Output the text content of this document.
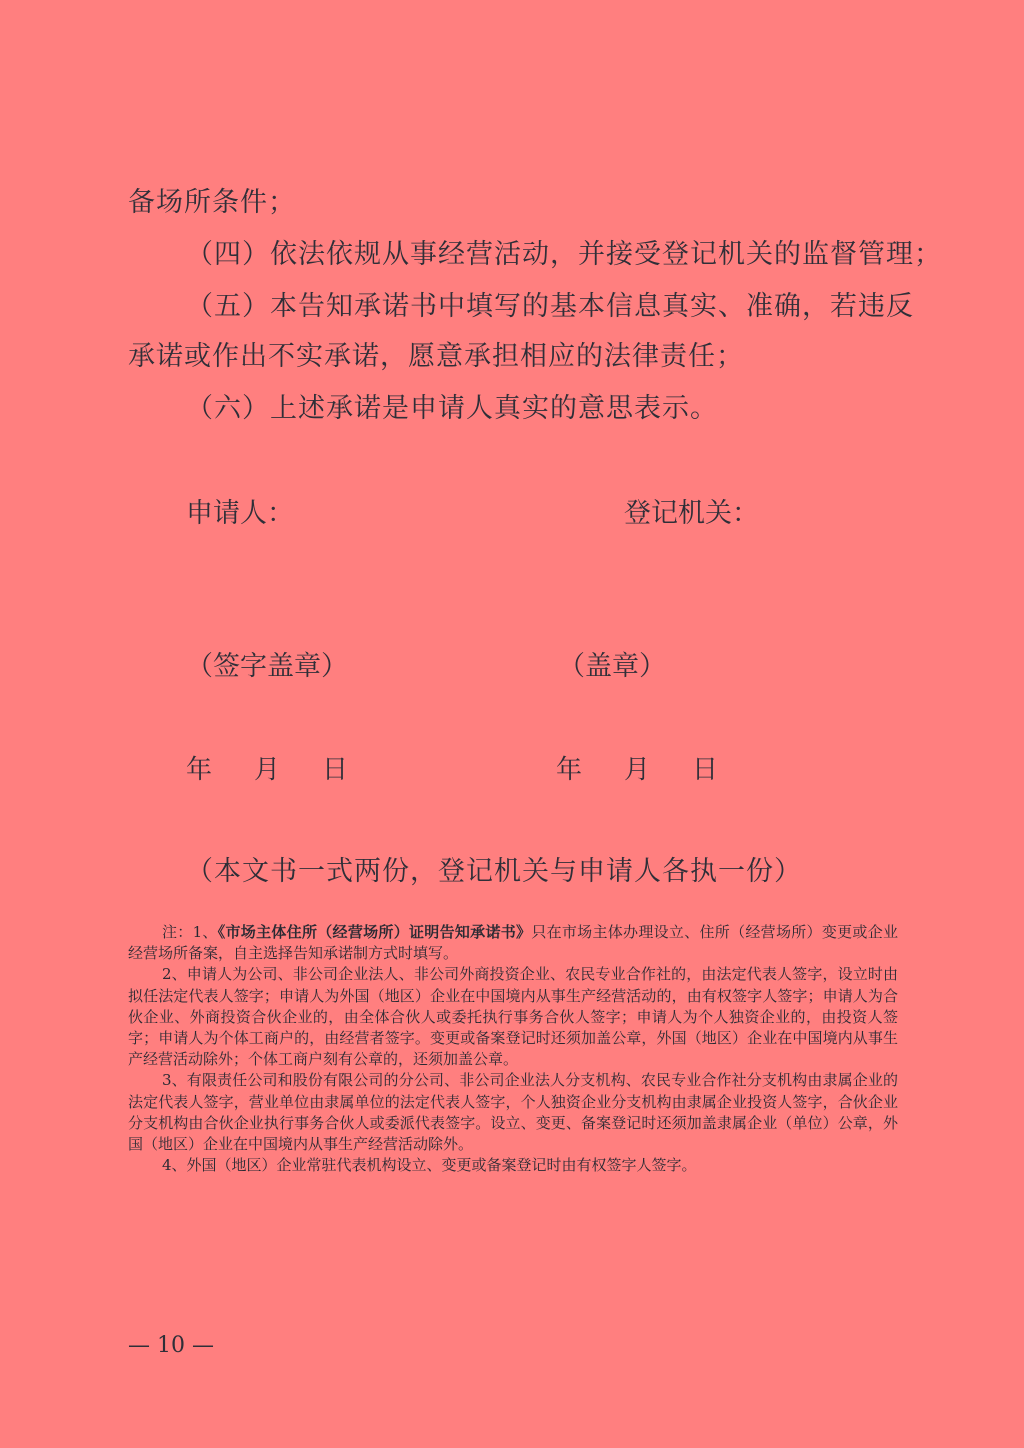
备场所条件；
（四）依法依规从事经营活动，并接受登记机关的监督管理；
（五）本告知承诺书中填写的基本信息真实、准确，若违反
承诺或作出不实承诺，愿意承担相应的法律责任；
（六）上述承诺是申请人真实的意思表示。
申请人：	登记机关：
（签字盖章）	（盖章）
年 月 日	年 月 日
（本文书一式两份，登记机关与申请人各执一份）

注：1、《市场主体住所（经营场所）证明告知承诺书》只在市场主体办理设立、住所（经营场所）变更或企业经营场所备案，自主选择告知承诺制方式时填写。

2、申请人为公司、非公司企业法人、非公司外商投资企业、农民专业合作社的，由法定代表人签字，设立时由拟任法定代表人签字；申请人为外国（地区）企业在中国境内从事生产经营活动的，由有权签字人签字；申请人为合伙企业、外商投资合伙企业的，由全体合伙人或委托执行事务合伙人签字；申请人为个人独资企业的，由投资人签字；申请人为个体工商户的，由经营者签字。变更或备案登记时还须加盖公章，外国（地区）企业在中国境内从事生产经营活动除外；个体工商户刻有公章的，还须加盖公章。

3、有限责任公司和股份有限公司的分公司、非公司企业法人分支机构、农民专业合作社分支机构由隶属企业的法定代表人签字，营业单位由隶属单位的法定代表人签字，个人独资企业分支机构由隶属企业投资人签字，合伙企业分支机构由合伙企业执行事务合伙人或委派代表签字。设立、变更、备案登记时还须加盖隶属企业（单位）公章，外国（地区）企业在中国境内从事生产经营活动除外。

4、外国（地区）企业常驻代表机构设立、变更或备案登记时由有权签字人签字。

— 10 —
